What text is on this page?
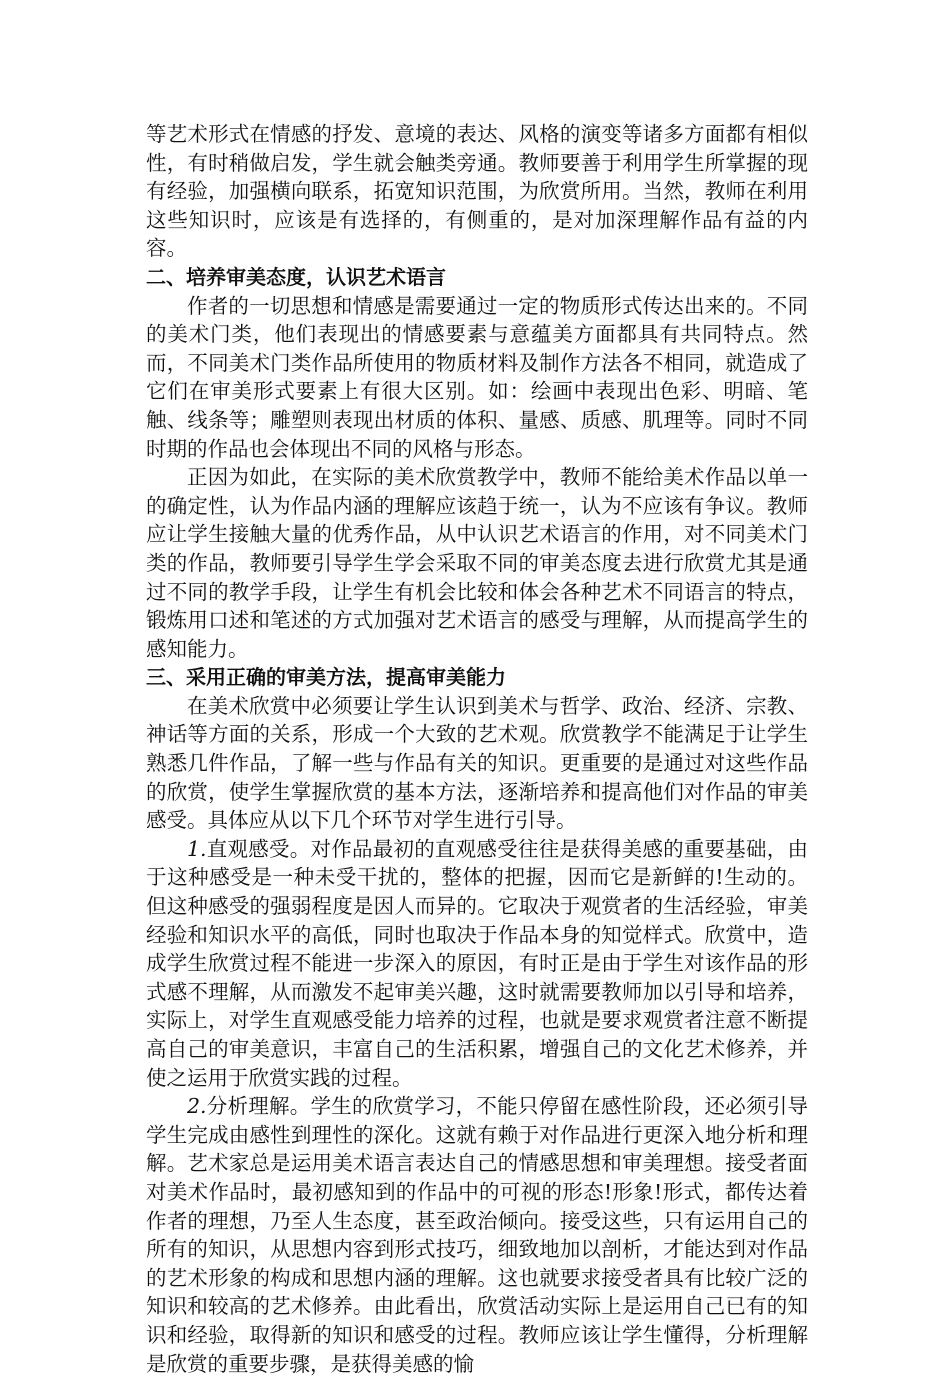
等艺术形式在情感的抒发、意境的表达、风格的演变等诸多方面都有相似性，有时稍做启发，学生就会触类旁通。教师要善于利用学生所掌握的现有经验，加强横向联系，拓宽知识范围，为欣赏所用。当然，教师在利用这些知识时，应该是有选择的，有侧重的，是对加深理解作品有益的内容。

二、培养审美态度，认识艺术语言

作者的一切思想和情感是需要通过一定的物质形式传达出来的。不同的美术门类，他们表现出的情感要素与意蕴美方面都具有共同特点。然而，不同美术门类作品所使用的物质材料及制作方法各不相同，就造成了它们在审美形式要素上有很大区别。如：绘画中表现出色彩、明暗、笔触、线条等；雕塑则表现出材质的体积、量感、质感、肌理等。同时不同时期的作品也会体现出不同的风格与形态。

正因为如此，在实际的美术欣赏教学中，教师不能给美术作品以单一的确定性，认为作品内涵的理解应该趋于统一，认为不应该有争议。教师应让学生接触大量的优秀作品，从中认识艺术语言的作用，对不同美术门类的作品，教师要引导学生学会采取不同的审美态度去进行欣赏尤其是通过不同的教学手段，让学生有机会比较和体会各种艺术不同语言的特点，锻炼用口述和笔述的方式加强对艺术语言的感受与理解，从而提高学生的感知能力。

三、采用正确的审美方法，提高审美能力

在美术欣赏中必须要让学生认识到美术与哲学、政治、经济、宗教、神话等方面的关系，形成一个大致的艺术观。欣赏教学不能满足于让学生熟悉几件作品，了解一些与作品有关的知识。更重要的是通过对这些作品的欣赏，使学生掌握欣赏的基本方法，逐渐培养和提高他们对作品的审美感受。具体应从以下几个环节对学生进行引导。

1.直观感受。对作品最初的直观感受往往是获得美感的重要基础，由于这种感受是一种未受干扰的，整体的把握，因而它是新鲜的!生动的。但这种感受的强弱程度是因人而异的。它取决于观赏者的生活经验，审美经验和知识水平的高低，同时也取决于作品本身的知觉样式。欣赏中，造成学生欣赏过程不能进一步深入的原因，有时正是由于学生对该作品的形式感不理解，从而激发不起审美兴趣，这时就需要教师加以引导和培养，实际上，对学生直观感受能力培养的过程，也就是要求观赏者注意不断提高自己的审美意识，丰富自己的生活积累，增强自己的文化艺术修养，并使之运用于欣赏实践的过程。

2.分析理解。学生的欣赏学习，不能只停留在感性阶段，还必须引导学生完成由感性到理性的深化。这就有赖于对作品进行更深入地分析和理解。艺术家总是运用美术语言表达自己的情感思想和审美理想。接受者面对美术作品时，最初感知到的作品中的可视的形态!形象!形式，都传达着作者的理想，乃至人生态度，甚至政治倾向。接受这些，只有运用自己的所有的知识，从思想内容到形式技巧，细致地加以剖析，才能达到对作品的艺术形象的构成和思想内涵的理解。这也就要求接受者具有比较广泛的知识和较高的艺术修养。由此看出，欣赏活动实际上是运用自己已有的知识和经验，取得新的知识和感受的过程。教师应该让学生懂得，分析理解是欣赏的重要步骤，是获得美感的愉
